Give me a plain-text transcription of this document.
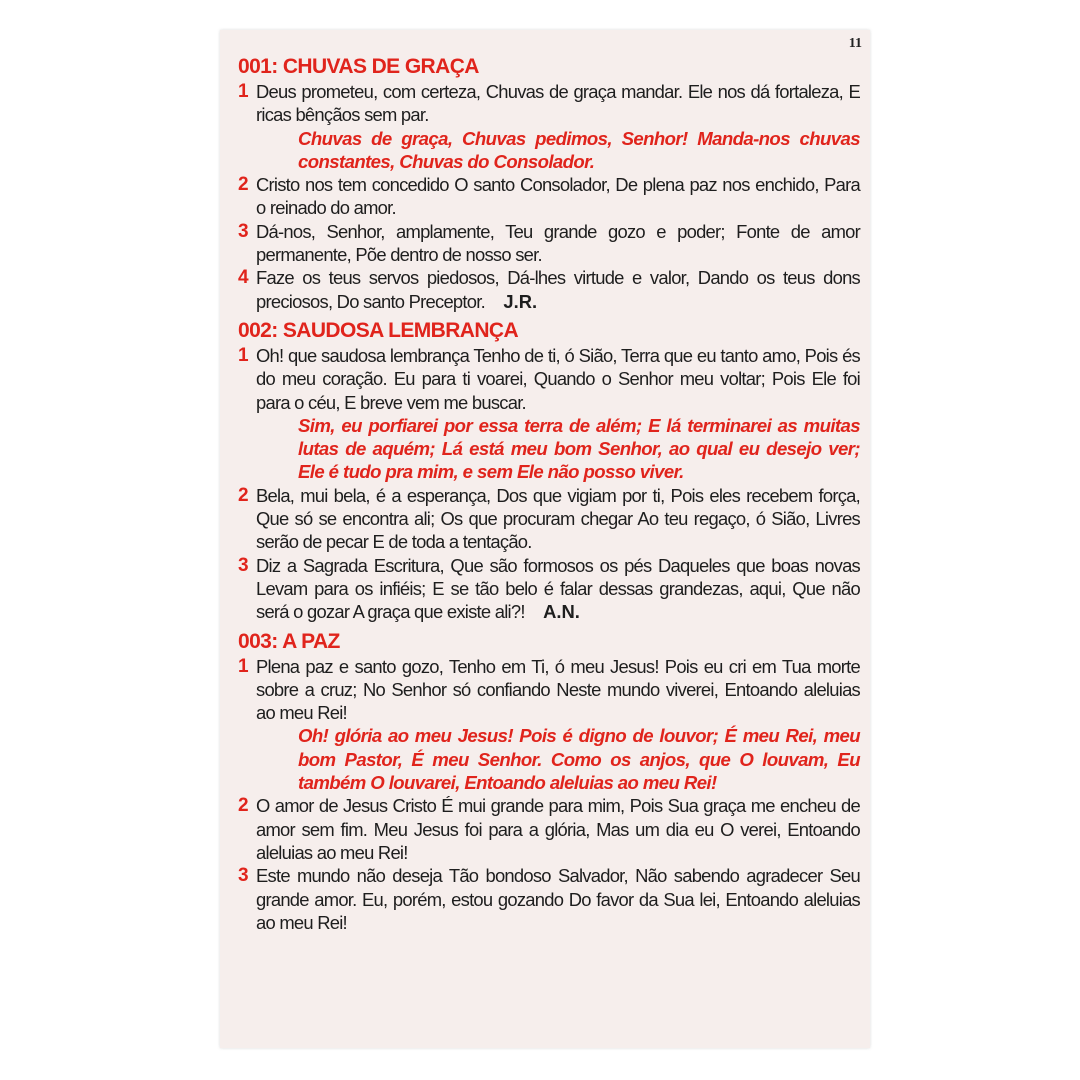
11
001: CHUVAS DE GRAÇA

1 Deus prometeu, com certeza, Chuvas de graça mandar. Ele nos dá fortaleza, E ricas bênçãos sem par.

Chuvas de graça, Chuvas pedimos, Senhor! Manda-nos chuvas constantes, Chuvas do Consolador.

2 Cristo nos tem concedido O santo Consolador, De plena paz nos enchido, Para o reinado do amor.

3 Dá-nos, Senhor, amplamente, Teu grande gozo e poder; Fonte de amor permanente, Põe dentro de nosso ser.

4 Faze os teus servos piedosos, Dá-lhes virtude e valor, Dando os teus dons preciosos, Do santo Preceptor. J.R.

002: SAUDOSA LEMBRANÇA

1 Oh! que saudosa lembrança Tenho de ti, ó Sião, Terra que eu tanto amo, Pois és do meu coração. Eu para ti voarei, Quando o Senhor meu voltar; Pois Ele foi para o céu, E breve vem me buscar.

Sim, eu porfiarei por essa terra de além; E lá terminarei as muitas lutas de aquém; Lá está meu bom Senhor, ao qual eu desejo ver; Ele é tudo pra mim, e sem Ele não posso viver.

2 Bela, mui bela, é a esperança, Dos que vigiam por ti, Pois eles recebem força, Que só se encontra ali; Os que procuram chegar Ao teu regaço, ó Sião, Livres serão de pecar E de toda a tentação.

3 Diz a Sagrada Escritura, Que são formosos os pés Daqueles que boas novas Levam para os infiéis; E se tão belo é falar dessas grandezas, aqui, Que não será o gozar A graça que existe ali?! A.N.

003: A PAZ

1 Plena paz e santo gozo, Tenho em Ti, ó meu Jesus! Pois eu cri em Tua morte sobre a cruz; No Senhor só confiando Neste mundo viverei, Entoando aleluias ao meu Rei!

Oh! glória ao meu Jesus! Pois é digno de louvor; É meu Rei, meu bom Pastor, É meu Senhor. Como os anjos, que O louvam, Eu também O louvarei, Entoando aleluias ao meu Rei!

2 O amor de Jesus Cristo É mui grande para mim, Pois Sua graça me encheu de amor sem fim. Meu Jesus foi para a glória, Mas um dia eu O verei, Entoando aleluias ao meu Rei!

3 Este mundo não deseja Tão bondoso Salvador, Não sabendo agradecer Seu grande amor. Eu, porém, estou gozando Do favor da Sua lei, Entoando aleluias ao meu Rei!
